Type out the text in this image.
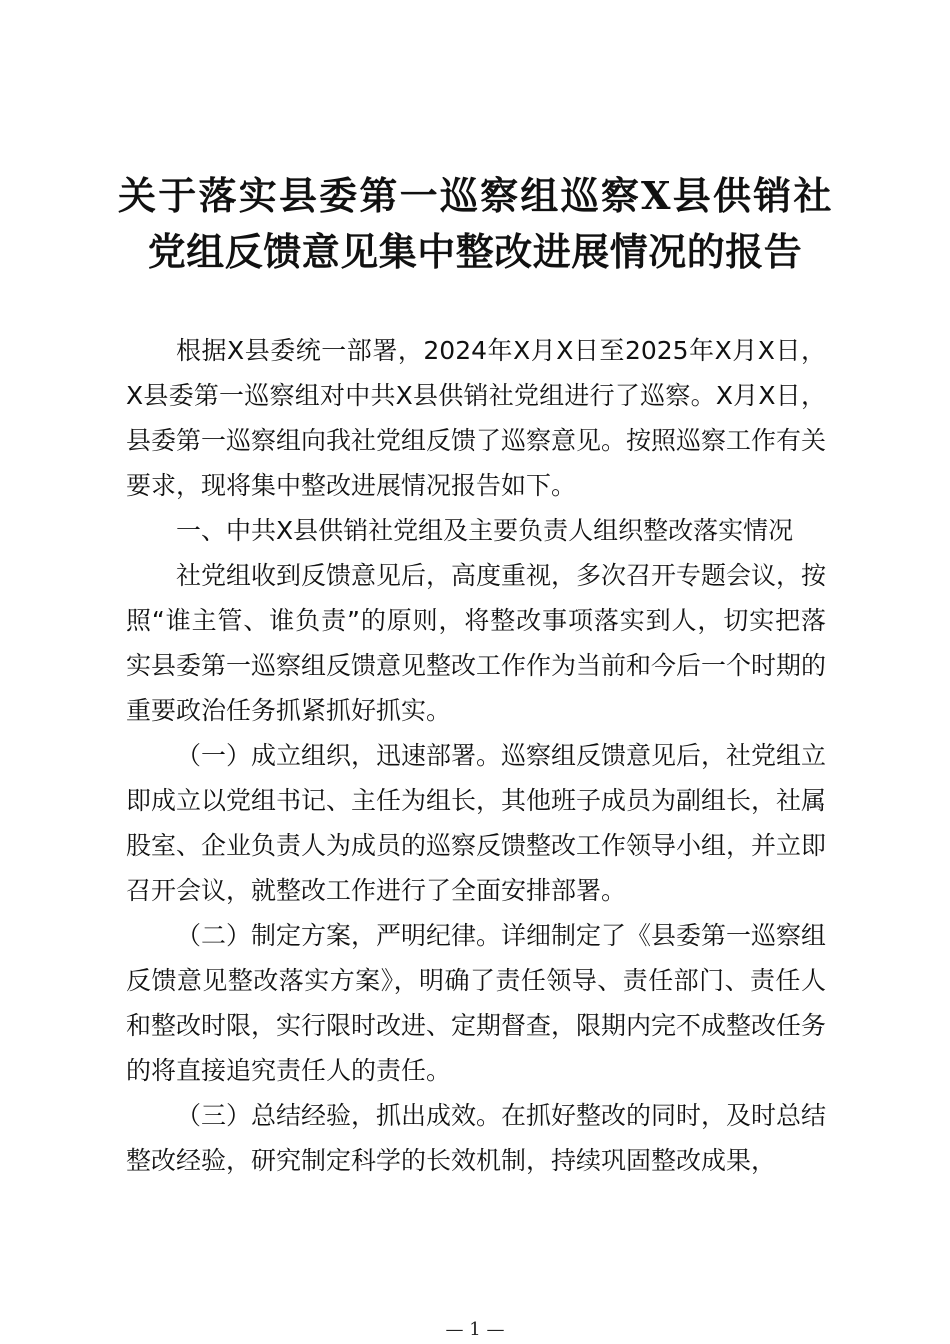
关于落实县委第一巡察组巡察X县供销社党组反馈意见集中整改进展情况的报告

根据X县委统一部署，2024年X月X日至2025年X月X日，X县委第一巡察组对中共X县供销社党组进行了巡察。X月X日，县委第一巡察组向我社党组反馈了巡察意见。按照巡察工作有关要求，现将集中整改进展情况报告如下。

一、中共X县供销社党组及主要负责人组织整改落实情况

社党组收到反馈意见后，高度重视，多次召开专题会议，按照“谁主管、谁负责”的原则，将整改事项落实到人，切实把落实县委第一巡察组反馈意见整改工作作为当前和今后一个时期的重要政治任务抓紧抓好抓实。

（一）成立组织，迅速部署。巡察组反馈意见后，社党组立即成立以党组书记、主任为组长，其他班子成员为副组长，社属股室、企业负责人为成员的巡察反馈整改工作领导小组，并立即召开会议，就整改工作进行了全面安排部署。

（二）制定方案，严明纪律。详细制定了《县委第一巡察组反馈意见整改落实方案》，明确了责任领导、责任部门、责任人和整改时限，实行限时改进、定期督查，限期内完不成整改任务的将直接追究责任人的责任。

（三）总结经验，抓出成效。在抓好整改的同时，及时总结整改经验，研究制定科学的长效机制，持续巩固整改成果，

— 1 —
